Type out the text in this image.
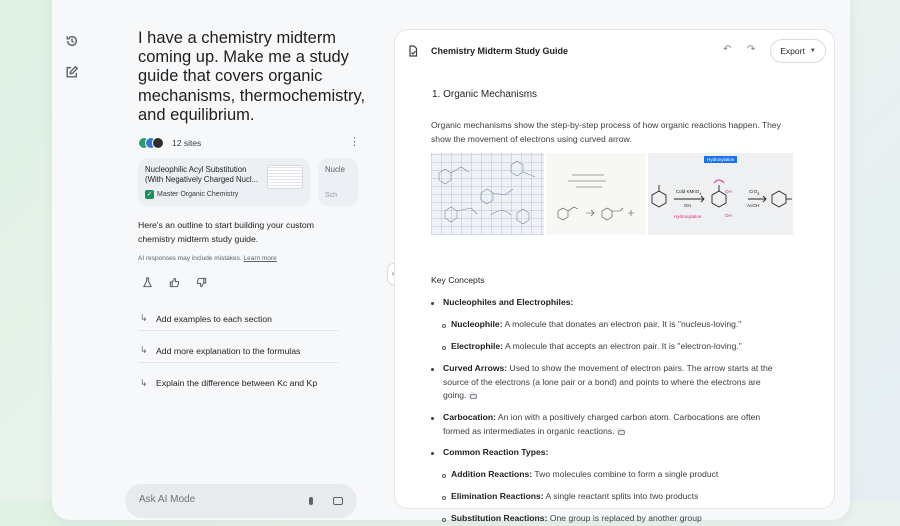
I have a chemistry midterm coming up. Make me a study guide that covers organic mechanisms, thermochemistry, and equilibrium.
12 sites	⋮
Nucleophilic Acyl Substitution (With Negatively Charged Nucl...
✓ Master Organic Chemistry
Nucle
Sch
Here's an outline to start building your custom chemistry midterm study guide.
AI responses may include mistakes. Learn more
↳ Add examples to each section
↳ Add more explanation to the formulas
↳ Explain the difference between Kc and Kp
Ask AI Mode
›
Chemistry Midterm Study Guide	↶ ↷	Export ▼
1. Organic Mechanisms
Organic mechanisms show the step-by-step process of how organic reactions happen. They show the movement of electrons using curved arrow.
Hydroxylation
Cold KMnO$_4$
OH
Hydroxylation
OH
OH
CrO$_3$
AcOH
Key Concepts
Nucleophiles and Electrophiles:
Nucleophile: A molecule that donates an electron pair. It is "nucleus-loving."
Electrophile: A molecule that accepts an electron pair. It is "electron-loving."
Curved Arrows: Used to show the movement of electron pairs. The arrow starts at the source of the electrons (a lone pair or a bond) and points to where the electrons are going.
Carbocation: An ion with a positively charged carbon atom. Carbocations are often formed as intermediates in organic reactions.
Common Reaction Types:
Addition Reactions: Two molecules combine to form a single product
Elimination Reactions: A single reactant splits into two products
Substitution Reactions: One group is replaced by another group
